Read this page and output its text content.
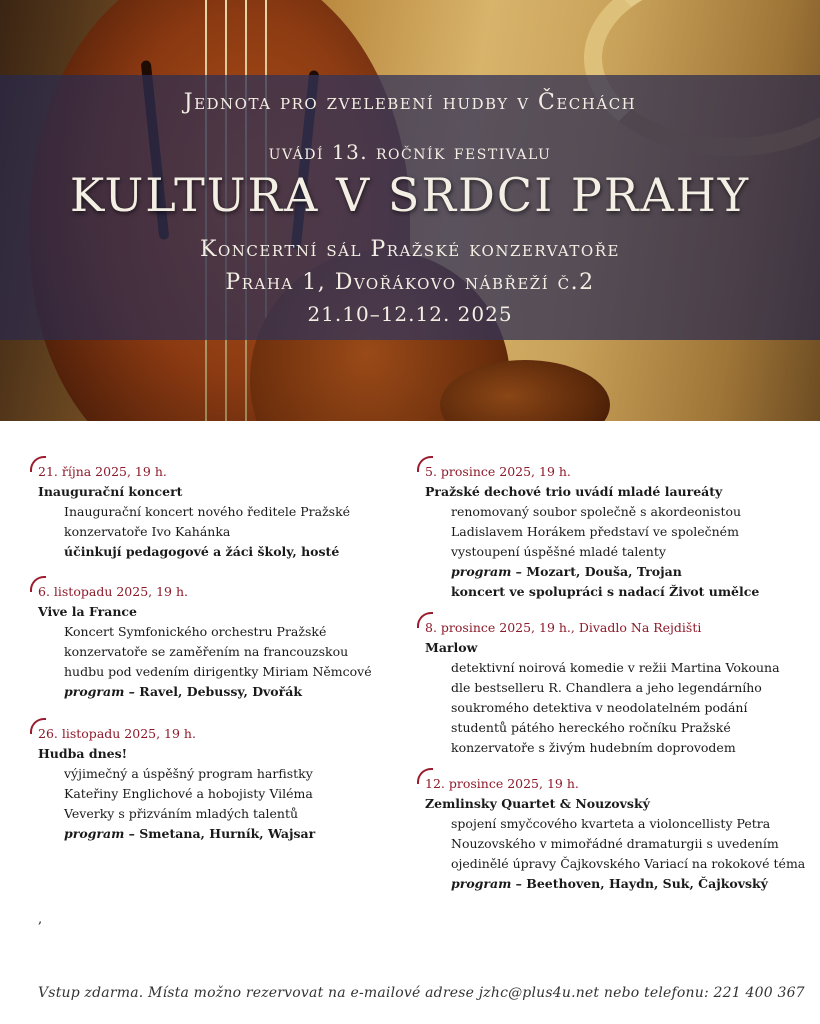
Jednota pro zvelebení hudby v Čechách
uvádí 13. ročník festivalu
KULTURA V SRDCI PRAHY
Koncertní sál Pražské konzervatoře
Praha 1, Dvořákovo nábřeží č.2
21.10–12.12. 2025
21. října 2025, 19 h.
Inaugurační koncert
Inaugurační koncert nového ředitele Pražské
konzervatoře Ivo Kahánka
účinkují pedagogové a žáci školy, hosté
6. listopadu 2025, 19 h.
Vive la France
Koncert Symfonického orchestru Pražské
konzervatoře se zaměřením na francouzskou
hudbu pod vedením dirigentky Miriam Němcové
program – Ravel, Debussy, Dvořák
26. listopadu 2025, 19 h.
Hudba dnes!
výjimečný a úspěšný program harfistky
Kateřiny Englichové a hobojisty Viléma
Veverky s přizváním mladých talentů
program – Smetana, Hurník, Wajsar
5. prosince 2025, 19 h.
Pražské dechové trio uvádí mladé laureáty
renomovaný soubor společně s akordeonistou
Ladislavem Horákem představí ve společném
vystoupení úspěšné mladé talenty
program – Mozart, Douša, Trojan
koncert ve spolupráci s nadací Život umělce
8. prosince 2025, 19 h., Divadlo Na Rejdišti
Marlow
detektivní noirová komedie v režii Martina Vokouna
dle bestselleru R. Chandlera a jeho legendárního
soukromého detektiva v neodolatelném podání
studentů pátého hereckého ročníku Pražské
konzervatoře s živým hudebním doprovodem
12. prosince 2025, 19 h.
Zemlinsky Quartet & Nouzovský
spojení smyčcového kvarteta a violoncellisty Petra
Nouzovského v mimořádné dramaturgii s uvedením
ojedinělé úpravy Čajkovského Variací na rokokové téma
program – Beethoven, Haydn, Suk, Čajkovský
,
Vstup zdarma. Místa možno rezervovat na e-mailové adrese jzhc@plus4u.net nebo telefonu: 221 400 367
